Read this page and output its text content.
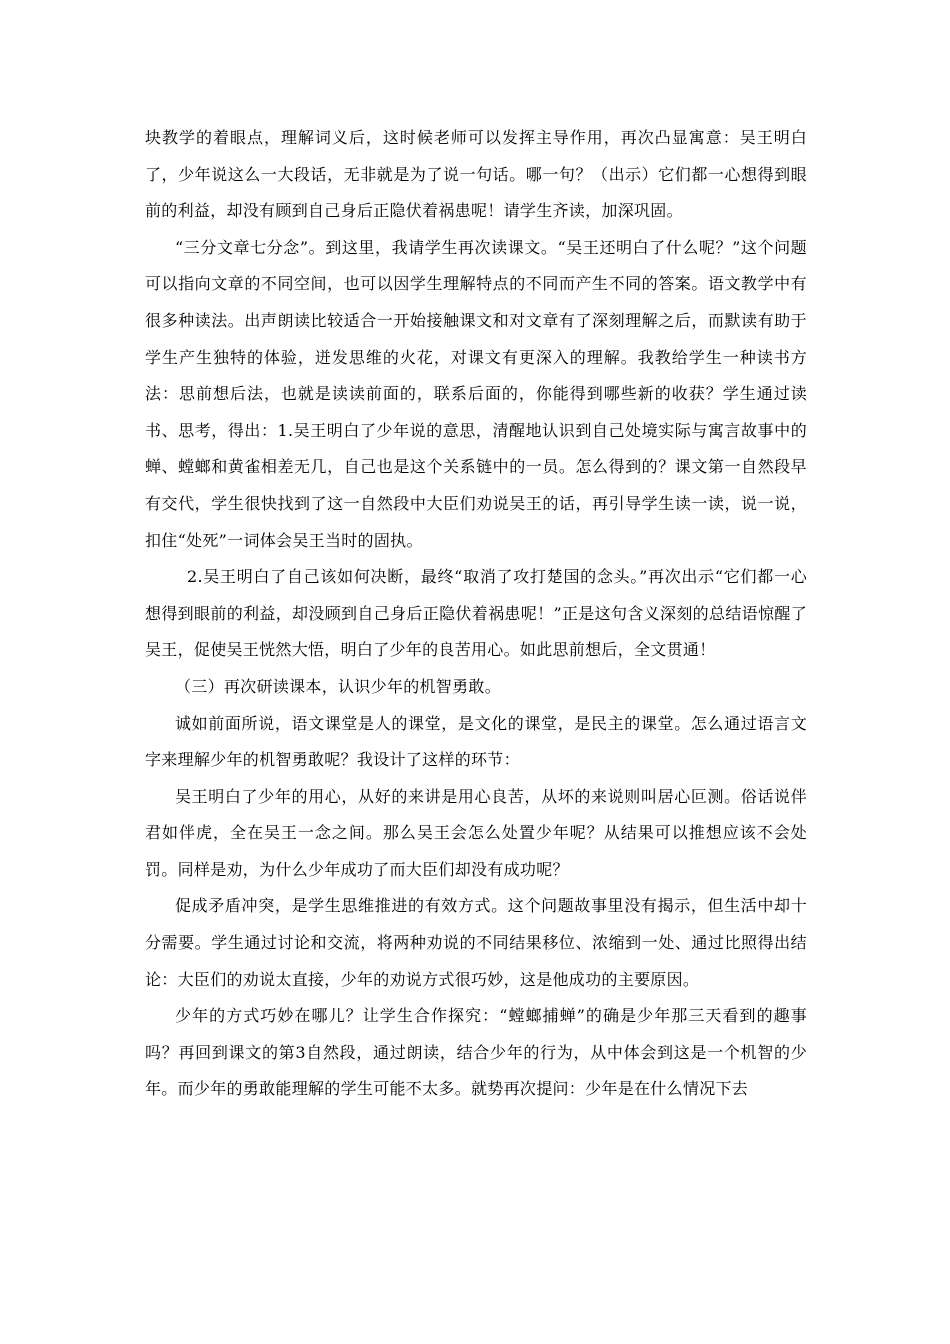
块教学的着眼点，理解词义后，这时候老师可以发挥主导作用，再次凸显寓意：吴王明白了，少年说这么一大段话，无非就是为了说一句话。哪一句？（出示）它们都一心想得到眼前的利益，却没有顾到自己身后正隐伏着祸患呢！请学生齐读，加深巩固。

“三分文章七分念”。到这里，我请学生再次读课文。“吴王还明白了什么呢？”这个问题可以指向文章的不同空间，也可以因学生理解特点的不同而产生不同的答案。语文教学中有很多种读法。出声朗读比较适合一开始接触课文和对文章有了深刻理解之后，而默读有助于学生产生独特的体验，迸发思维的火花，对课文有更深入的理解。我教给学生一种读书方法：思前想后法，也就是读读前面的，联系后面的，你能得到哪些新的收获？学生通过读书、思考，得出：1.吴王明白了少年说的意思，清醒地认识到自己处境实际与寓言故事中的蝉、螳螂和黄雀相差无几，自己也是这个关系链中的一员。怎么得到的？课文第一自然段早有交代，学生很快找到了这一自然段中大臣们劝说吴王的话，再引导学生读一读，说一说，扣住“处死”一词体会吴王当时的固执。

2.吴王明白了自己该如何决断，最终“取消了攻打楚国的念头。”再次出示“它们都一心想得到眼前的利益，却没顾到自己身后正隐伏着祸患呢！”正是这句含义深刻的总结语惊醒了吴王，促使吴王恍然大悟，明白了少年的良苦用心。如此思前想后，全文贯通！

（三）再次研读课本，认识少年的机智勇敢。

诚如前面所说，语文课堂是人的课堂，是文化的课堂，是民主的课堂。怎么通过语言文字来理解少年的机智勇敢呢？我设计了这样的环节：

吴王明白了少年的用心，从好的来讲是用心良苦，从坏的来说则叫居心叵测。俗话说伴君如伴虎，全在吴王一念之间。那么吴王会怎么处置少年呢？从结果可以推想应该不会处罚。同样是劝，为什么少年成功了而大臣们却没有成功呢？

促成矛盾冲突，是学生思维推进的有效方式。这个问题故事里没有揭示，但生活中却十分需要。学生通过讨论和交流，将两种劝说的不同结果移位、浓缩到一处、通过比照得出结论：大臣们的劝说太直接，少年的劝说方式很巧妙，这是他成功的主要原因。

少年的方式巧妙在哪儿？让学生合作探究：“螳螂捕蝉”的确是少年那三天看到的趣事吗？再回到课文的第3自然段，通过朗读，结合少年的行为，从中体会到这是一个机智的少年。而少年的勇敢能理解的学生可能不太多。就势再次提问：少年是在什么情况下去
